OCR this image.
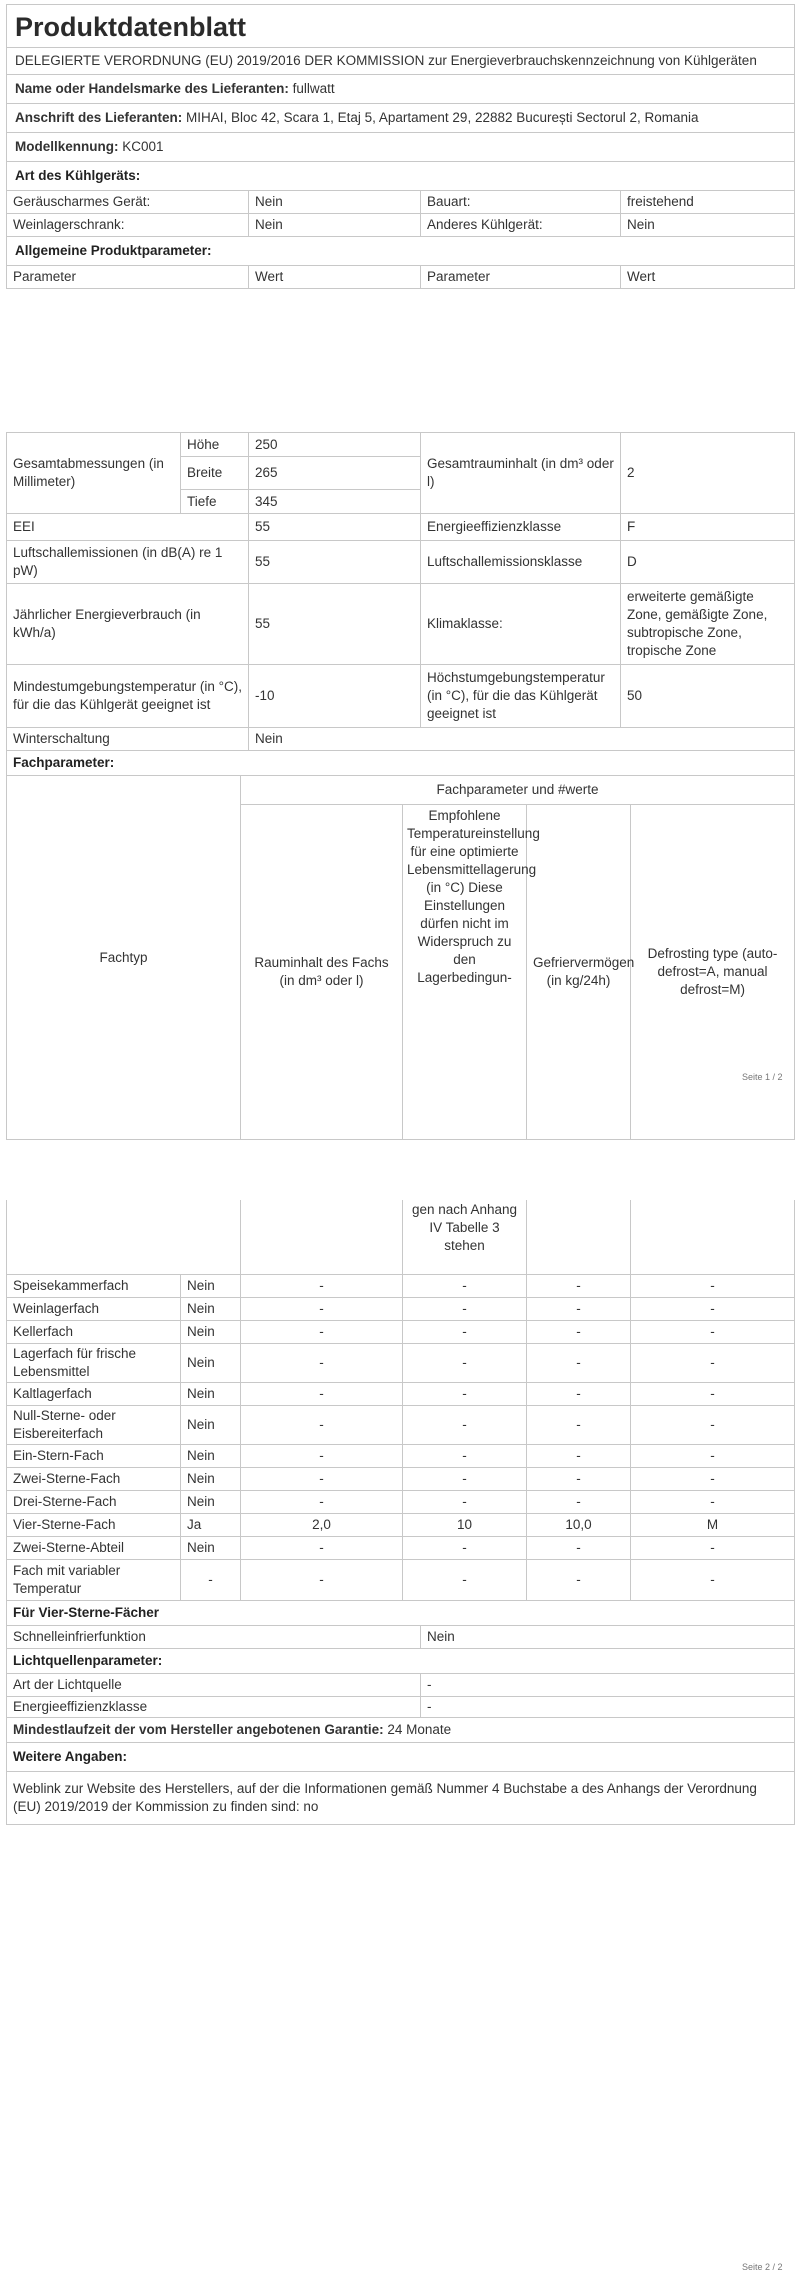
Produktdatenblatt			
DELEGIERTE VERORDNUNG (EU) 2019/2016 DER KOMMISSION zur Energieverbrauchskennzeichnung von Kühlgeräten			
Name oder Handelsmarke des Lieferanten: fullwatt			
Anschrift des Lieferanten: MIHAI, Bloc 42, Scara 1, Etaj 5, Apartament 29, 22882 București Sectorul 2, Romania			
Modellkennung: KC001			
Art des Kühlgeräts:			
Geräuscharmes Gerät:	Nein	Bauart:	freistehend
Weinlagerschrank:	Nein	Anderes Kühlgerät:	Nein
Allgemeine Produktparameter:			
Parameter	Wert	Parameter	Wert
Gesamtabmessungen (in Millimeter)	Höhe	250	Gesamtrauminhalt (in dm³ oder l)	2
	Breite	265		
	Tiefe	345		
EEI		55	Energieeffizienzklasse	F
Luftschallemissionen (in dB(A) re 1 pW)		55	Luftschallemissionsklasse	D
Jährlicher Energieverbrauch (in kWh/a)		55	Klimaklasse:	erweiterte gemäßigte Zone, gemäßigte Zone, subtropische Zone, tropische Zone
Mindestumgebungstemperatur (in °C), für die das Kühlgerät geeignet ist		-10	Höchstumgebungstemperatur (in °C), für die das Kühlgerät geeignet ist	50
Winterschaltung		Nein		
Fachparameter:				
Fachtyp	Fachparameter und #werte			
	Rauminhalt des Fachs (in dm³ oder l)	Empfohlene Temperatureinstellung für eine optimierte Lebensmittellagerung (in °C) Diese Einstellungen dürfen nicht im Widerspruch zu den Lagerbedingun-	Gefriervermögen (in kg/24h)	Defrosting type (auto-defrost=A, manual defrost=M)
Seite 1 / 2
		gen nach Anhang IV Tabelle 3 stehen		
Speisekammerfach	Nein	-	-	-	-
Weinlagerfach	Nein	-	-	-	-
Kellerfach	Nein	-	-	-	-
Lagerfach für frische Lebensmittel	Nein	-	-	-	-
Kaltlagerfach	Nein	-	-	-	-
Null-Sterne- oder Eisbereiterfach	Nein	-	-	-	-
Ein-Stern-Fach	Nein	-	-	-	-
Zwei-Sterne-Fach	Nein	-	-	-	-
Drei-Sterne-Fach	Nein	-	-	-	-
Vier-Sterne-Fach	Ja	2,0	10	10,0	M
Zwei-Sterne-Abteil	Nein	-	-	-	-
Fach mit variabler Temperatur	-	-	-	-	-
Für Vier-Sterne-Fächer	
Schnelleinfrierfunktion	Nein
Lichtquellenparameter:	
Art der Lichtquelle	-
Energieeffizienzklasse	-
Mindestlaufzeit der vom Hersteller angebotenen Garantie: 24 Monate	
Weitere Angaben:	
Weblink zur Website des Herstellers, auf der die Informationen gemäß Nummer 4 Buchstabe a des Anhangs der Verordnung (EU) 2019/2019 der Kommission zu finden sind: no	
Seite 2 / 2
